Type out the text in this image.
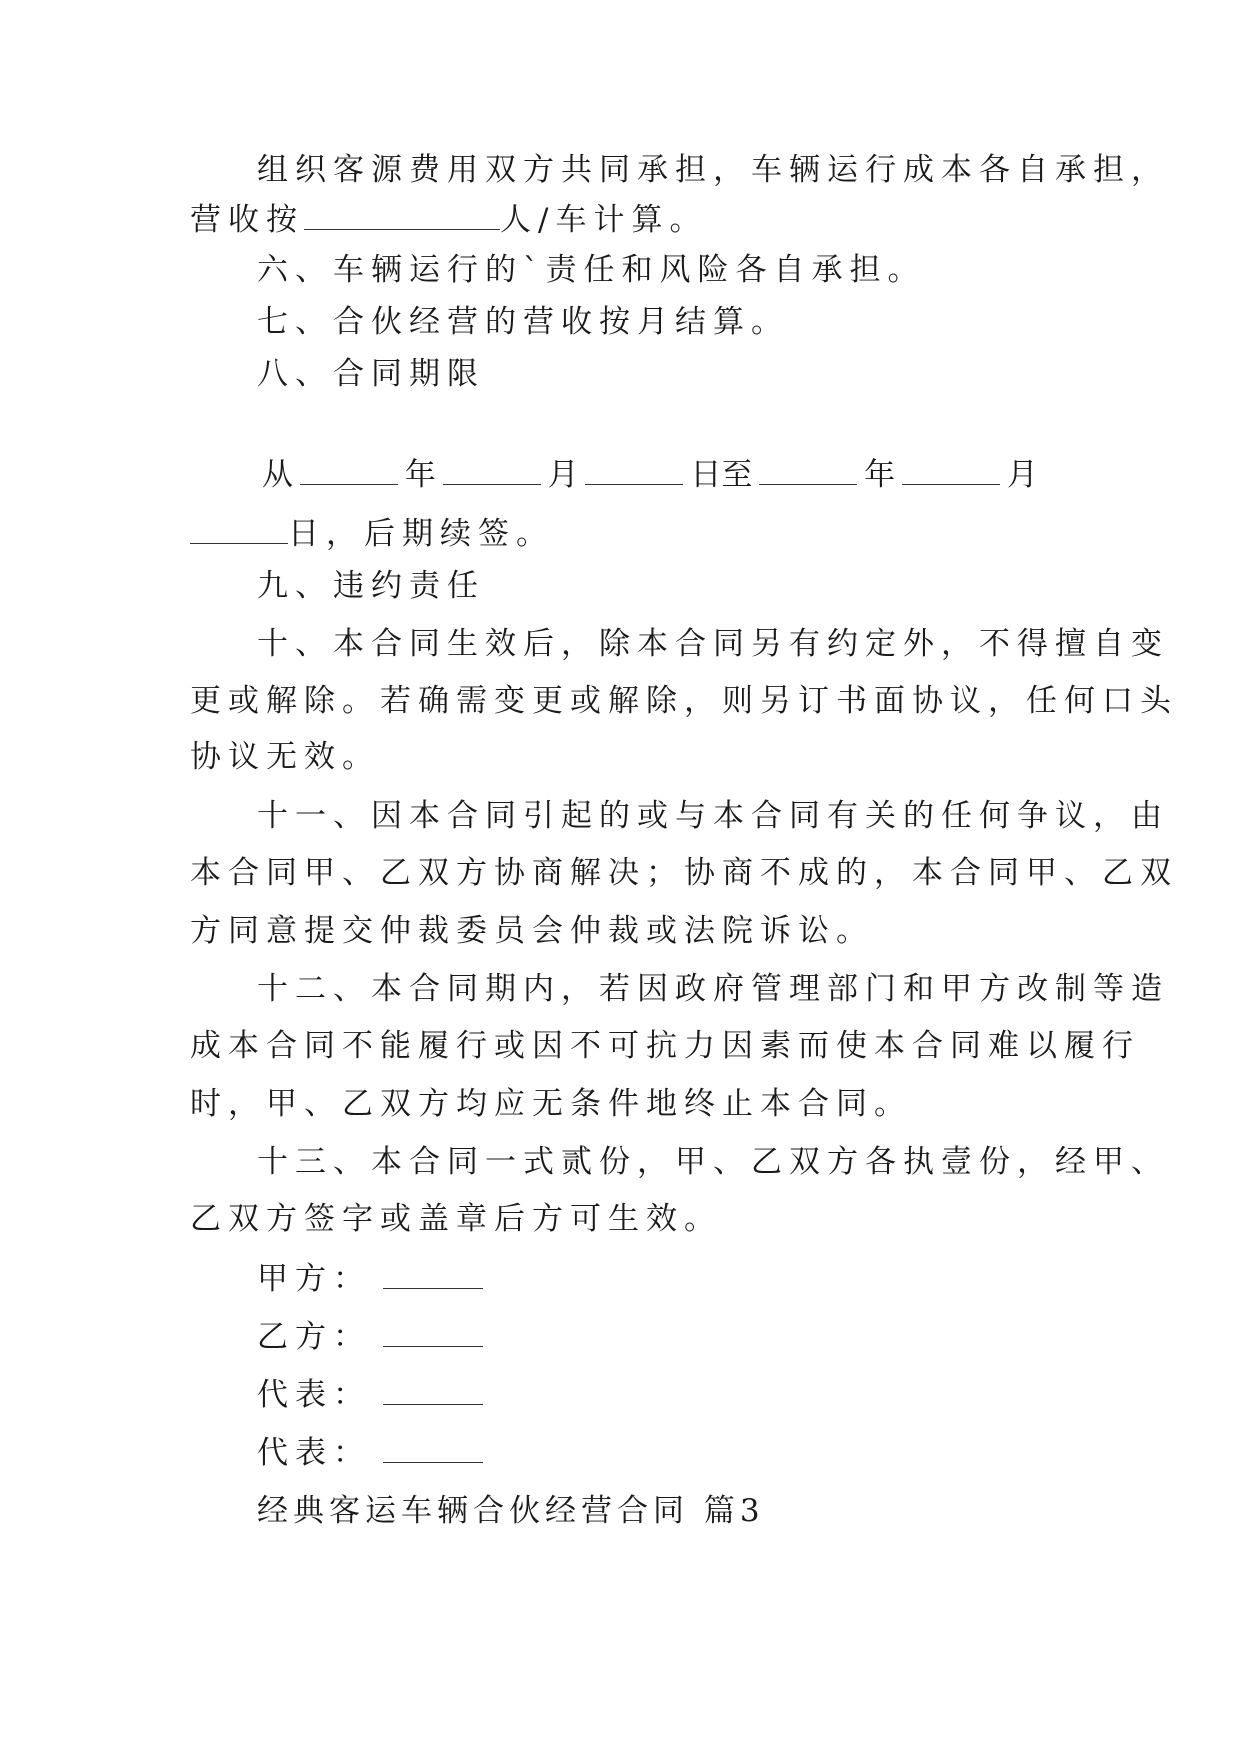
组织客源费用双方共同承担，车辆运行成本各自承担，
营收按	人/车计算。
六、车辆运行的`责任和风险各自承担。
七、合伙经营的营收按月结算。
八、合同期限
从	年	月	日至	年	月
日，后期续签。
九、违约责任
十、本合同生效后，除本合同另有约定外，不得擅自变
更或解除。若确需变更或解除，则另订书面协议，任何口头
协议无效。
十一、因本合同引起的或与本合同有关的任何争议，由
本合同甲、乙双方协商解决；协商不成的，本合同甲、乙双
方同意提交仲裁委员会仲裁或法院诉讼。
十二、本合同期内，若因政府管理部门和甲方改制等造
成本合同不能履行或因不可抗力因素而使本合同难以履行
时，甲、乙双方均应无条件地终止本合同。
十三、本合同一式贰份，甲、乙双方各执壹份，经甲、
乙双方签字或盖章后方可生效。
甲方：
乙方：
代表：
代表：
经典客运车辆合伙经营合同 篇3
